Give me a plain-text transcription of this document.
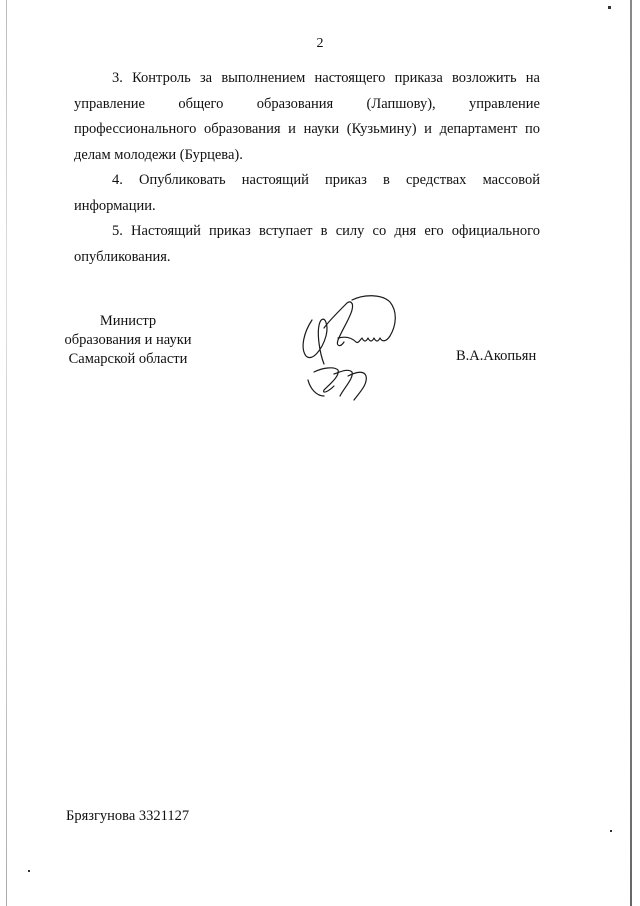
2

3. Контроль за выполнением настоящего приказа возложить на управление общего образования (Лапшову), управление профессионального образования и науки (Кузьмину) и департамент по делам молодежи (Бурцева).

4. Опубликовать настоящий приказ в средствах массовой информации.

5. Настоящий приказ вступает в силу со дня его официального опубликования.

Министр
образования и науки
Самарской области	В.А.Акопьян
Брязгунова 3321127
